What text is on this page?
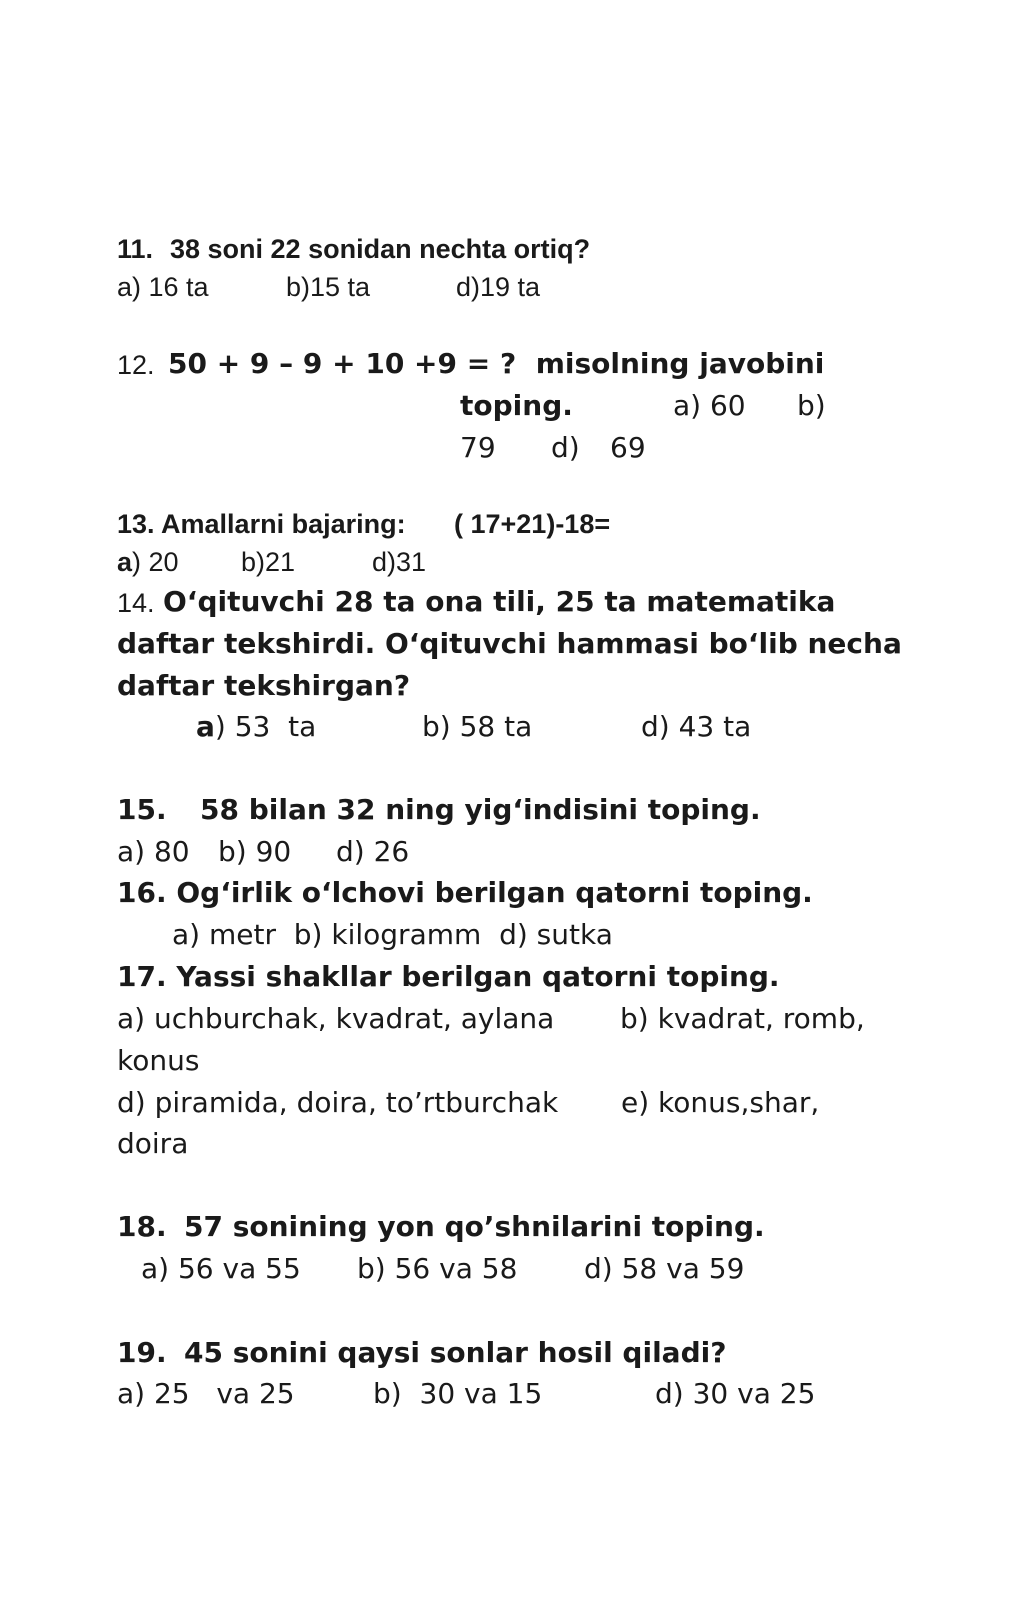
11. 38 soni 22 sonidan nechta ortiq?
a) 16 ta	b)15 ta	d)19 ta
12. 50 + 9 – 9 + 10 +9 = ?  misolning javobini
toping.	a) 60 b)
79 d) 69
13. Amallarni bajaring: ( 17+21)-18=
a) 20 b)21	d)31
14. O‘qituvchi 28 ta ona tili, 25 ta matematika
daftar tekshirdi. O‘qituvchi hammasi bo‘lib necha
daftar tekshirgan?
a) 53  ta	b) 58 ta	d) 43 ta
15. 58 bilan 32 ning yig‘indisini toping.
a) 80 b) 90 d) 26
16. Og‘irlik o‘lchovi berilgan qatorni toping.
a) metr  b) kilogramm  d) sutka
17. Yassi shakllar berilgan qatorni toping.
a) uchburchak, kvadrat, aylana b) kvadrat, romb,
konus
d) piramida, doira, to’rtburchak e) konus,shar,
doira
18. 57 sonining yon qo’shnilarini toping.
a) 56 va 55 b) 56 va 58 d) 58 va 59
19. 45 sonini qaysi sonlar hosil qiladi?
a) 25   va 25	b)  30 va 15	d) 30 va 25
